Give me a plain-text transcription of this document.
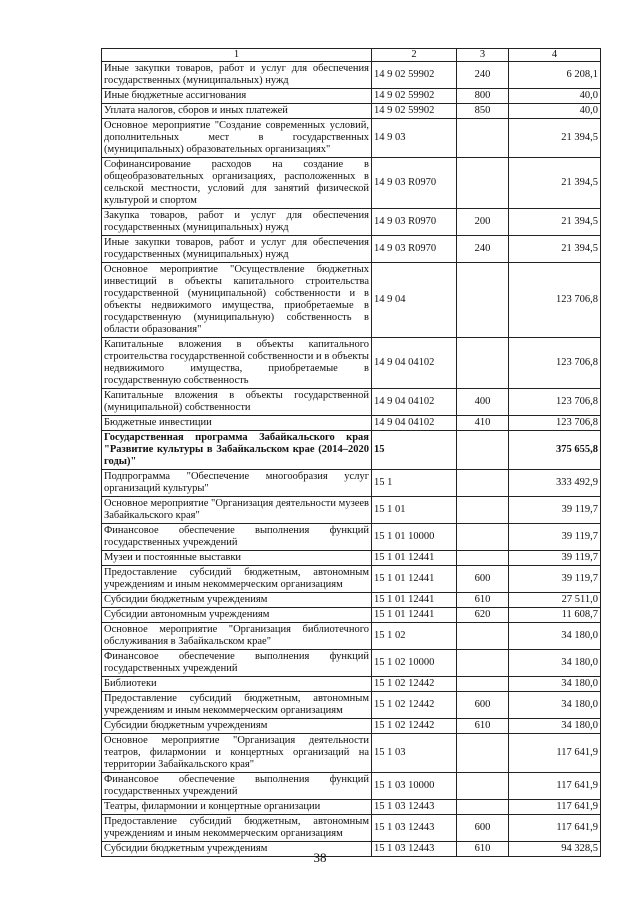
1	2	3	4
Иные закупки товаров, работ и услуг для обеспечения государственных (муниципальных) нужд	14 9 02 59902	240	6 208,1
Иные бюджетные ассигнования	14 9 02 59902	800	40,0
Уплата налогов, сборов и иных платежей	14 9 02 59902	850	40,0
Основное мероприятие "Создание современных условий, дополнительных мест в государственных (муниципальных) образовательных организациях"	14 9 03		21 394,5
Софинансирование расходов на создание в общеобразовательных организациях, расположенных в сельской местности, условий для занятий физической культурой и спортом	14 9 03 R0970		21 394,5
Закупка товаров, работ и услуг для обеспечения государственных (муниципальных) нужд	14 9 03 R0970	200	21 394,5
Иные закупки товаров, работ и услуг для обеспечения государственных (муниципальных) нужд	14 9 03 R0970	240	21 394,5
Основное мероприятие "Осуществление бюджетных инвестиций в объекты капитального строительства государственной (муниципальной) собственности и в объекты недвижимого имущества, приобретаемые в государственную (муниципальную) собственность в области образования"	14 9 04		123 706,8
Капитальные вложения в объекты капитального строительства государственной собственности и в объекты недвижимого имущества, приобретаемые в государственную собственность	14 9 04 04102		123 706,8
Капитальные вложения в объекты государственной (муниципальной) собственности	14 9 04 04102	400	123 706,8
Бюджетные инвестиции	14 9 04 04102	410	123 706,8
Государственная программа Забайкальского края "Развитие культуры в Забайкальском крае (2014–2020 годы)"	15		375 655,8
Подпрограмма "Обеспечение многообразия услуг организаций культуры"	15 1		333 492,9
Основное мероприятие "Организация деятельности музеев Забайкальского края"	15 1 01		39 119,7
Финансовое обеспечение выполнения функций государственных учреждений	15 1 01 10000		39 119,7
Музеи и постоянные выставки	15 1 01 12441		39 119,7
Предоставление субсидий бюджетным, автономным учреждениям и иным некоммерческим организациям	15 1 01 12441	600	39 119,7
Субсидии бюджетным учреждениям	15 1 01 12441	610	27 511,0
Субсидии автономным учреждениям	15 1 01 12441	620	11 608,7
Основное мероприятие "Организация библиотечного обслуживания в Забайкальском крае"	15 1 02		34 180,0
Финансовое обеспечение выполнения функций государственных учреждений	15 1 02 10000		34 180,0
Библиотеки	15 1 02 12442		34 180,0
Предоставление субсидий бюджетным, автономным учреждениям и иным некоммерческим организациям	15 1 02 12442	600	34 180,0
Субсидии бюджетным учреждениям	15 1 02 12442	610	34 180,0
Основное мероприятие "Организация деятельности театров, филармонии и концертных организаций на территории Забайкальского края"	15 1 03		117 641,9
Финансовое обеспечение выполнения функций государственных учреждений	15 1 03 10000		117 641,9
Театры, филармонии и концертные организации	15 1 03 12443		117 641,9
Предоставление субсидий бюджетным, автономным учреждениям и иным некоммерческим организациям	15 1 03 12443	600	117 641,9
Субсидии бюджетным учреждениям	15 1 03 12443	610	94 328,5
38
